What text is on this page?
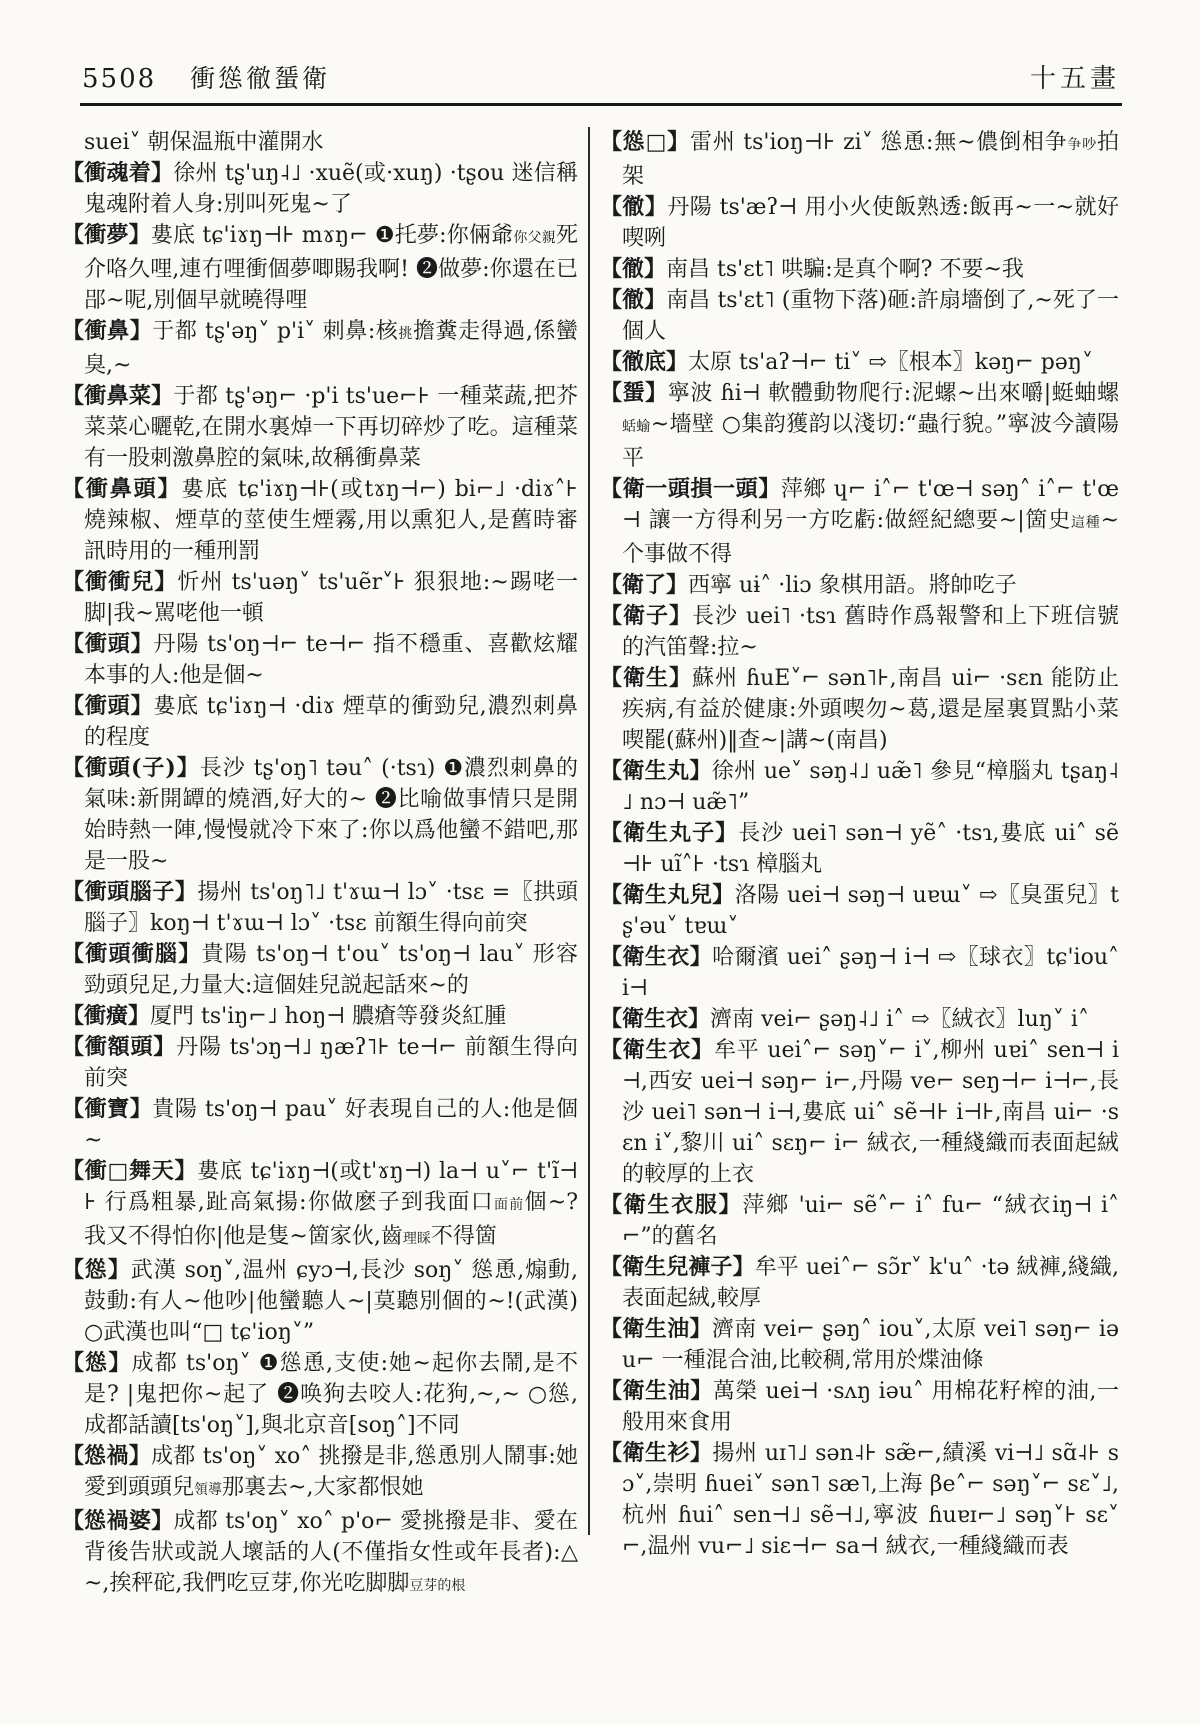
5508 衝慫徹蜑衛	十五畫

suei˅ 朝保温瓶中灌開水

【衝魂着】徐州 tʂ'uŋ˨˩ ·xuẽ(或·xuŋ) ·tʂou 迷信稱鬼魂附着人身:別叫死鬼~了

【衝夢】婁底 tɕ'iɤŋ⊣⊦ mɤŋ⌐ ❶托夢:你倆爺你父親死介咯久哩,連冇哩衝個夢唧賜我啊! ❷做夢:你還在已郘~呢,別個早就曉得哩

【衝鼻】于都 tʂ'əŋ˅ p'i˅ 刺鼻:核挑擔糞走得過,係蠻臭,~

【衝鼻菜】于都 tʂ'əŋ⌐ ·p'i ts'ue⌐⊦ 一種菜蔬,把芥菜菜心曬乾,在開水裏焯一下再切碎炒了吃。這種菜有一股刺激鼻腔的氣味,故稱衝鼻菜

【衝鼻頭】婁底 tɕ'iɤŋ⊣⊦(或tɤŋ⊣⌐) bi⌐˩ ·diɤ˄⊦ 燒辣椒、煙草的莖使生煙霧,用以熏犯人,是舊時審訊時用的一種刑罰

【衝衝兒】忻州 ts'uəŋ˅ ts'uẽr˅⊦ 狠狠地:~踢咾一脚|我~駡咾他一頓

【衝頭】丹陽 ts'oŋ⊣⌐ te⊣⌐ 指不穩重、喜歡炫耀本事的人:他是個~

【衝頭】婁底 tɕ'iɤŋ⊣ ·diɤ 煙草的衝勁兒,濃烈刺鼻的程度

【衝頭(子)】長沙 tʂ'oŋ˥ təu˄ (·tsɿ) ❶濃烈刺鼻的氣味:新開罈的燒酒,好大的~ ❷比喻做事情只是開始時熱一陣,慢慢就冷下來了:你以爲他蠻不錯吧,那是一股~

【衝頭腦子】揚州 ts'oŋ˥˩ t'ɤɯ⊣ lɔ˅ ·tsɛ =〖拱頭腦子〗koŋ⊣ t'ɤɯ⊣ lɔ˅ ·tsɛ 前額生得向前突

【衝頭衝腦】貴陽 ts'oŋ⊣ t'ou˅ ts'oŋ⊣ lau˅ 形容勁頭兒足,力量大:這個娃兒説起話來~的

【衝癀】厦門 ts'iŋ⌐˩ hoŋ⊣ 膿瘡等發炎紅腫

【衝額頭】丹陽 ts'ɔŋ⊣˩ ŋæʔ˥⊦ te⊣⌐ 前額生得向前突

【衝寶】貴陽 ts'oŋ⊣ pau˅ 好表現自己的人:他是個~

【衝□舞天】婁底 tɕ'iɤŋ⊣(或t'ɤŋ⊣) la⊣ u˅⌐ t'ĩ⊣⊦ 行爲粗暴,趾高氣揚:你做麽子到我面口面前個~? 我又不得怕你|他是隻~箇家伙,齒理睬不得箇

【慫】武漢 soŋ˅,温州 ɕyɔ⊣,長沙 soŋ˅ 慫恿,煽動,鼓動:有人~他吵|他蠻聽人~|莫聽別個的~!(武漢) ○武漢也叫“□ tɕ'ioŋ˅”

【慫】成都 ts'oŋ˅ ❶慫恿,支使:她~起你去鬧,是不是? |鬼把你~起了 ❷唤狗去咬人:花狗,~,~ ○慫,成都話讀[ts'oŋ˅],與北京音[soŋ˄]不同

【慫禍】成都 ts'oŋ˅ xo˄ 挑撥是非,慫恿別人鬧事:她愛到頭頭兒領導那裏去~,大家都恨她

【慫禍婆】成都 ts'oŋ˅ xo˄ p'o⌐ 愛挑撥是非、愛在背後告狀或説人壞話的人(不僅指女性或年長者):△~,挨秤砣,我們吃豆芽,你光吃脚脚豆芽的根

【慫□】雷州 ts'ioŋ⊣⊦ zi˅ 慫恿:無~儂倒相争争吵拍架

【徹】丹陽 ts'æʔ⊣ 用小火使飯熟透:飯再~一~就好喫咧

【徹】南昌 ts'ɛt˥ 哄騙:是真个啊? 不要~我

【徹】南昌 ts'ɛt˥ (重物下落)砸:許扇墻倒了,~死了一個人

【徹底】太原 ts'aʔ⊣⌐ ti˅ ⇨〖根本〗kəŋ⌐ pəŋ˅

【蜑】寧波 ɦi⊣ 軟體動物爬行:泥螺~出來嚼|蜓蚰螺蛞蝓~墻壁 ○集韵獲韵以淺切:“蟲行貌。”寧波今讀陽平

【衛一頭損一頭】萍鄉 ɥ⌐ i˄⌐ t'œ⊣ səŋ˄ i˄⌐ t'œ⊣ 讓一方得利另一方吃虧:做經紀總要~|箇史這種~个事做不得

【衛了】西寧 uɨ˄ ·liɔ 象棋用語。將帥吃子

【衛子】長沙 uei˥ ·tsɿ 舊時作爲報警和上下班信號的汽笛聲:拉~

【衛生】蘇州 ɦuE˅⌐ sən˥⊦,南昌 ui⌐ ·sɛn 能防止疾病,有益於健康:外頭喫勿~葛,還是屋裏買點小菜喫罷(蘇州)‖查~|講~(南昌)

【衛生丸】徐州 ue˅ səŋ˨˩ uæ̃˥ 參見“樟腦丸 tʂaŋ˨˩ nɔ⊣ uæ̃˥”

【衛生丸子】長沙 uei˥ sən⊣ yẽ˄ ·tsɿ,婁底 ui˄ sẽ⊣⊦ uĩ˄⊦ ·tsɿ 樟腦丸

【衛生丸兒】洛陽 uei⊣ səŋ⊣ uɐɯ˅ ⇨〖臭蛋兒〗tʂ'əu˅ tɐɯ˅

【衛生衣】哈爾濱 uei˄ ʂəŋ⊣ i⊣ ⇨〖球衣〗tɕ'iou˄ i⊣

【衛生衣】濟南 vei⌐ ʂəŋ˨˩ i˄ ⇨〖絨衣〗luŋ˅ i˄

【衛生衣】牟平 uei˄⌐ səŋ˅⌐ i˅,柳州 uɐi˄ sen⊣ i⊣,西安 uei⊣ səŋ⌐ i⌐,丹陽 ve⌐ seŋ⊣⌐ i⊣⌐,長沙 uei˥ sən⊣ i⊣,婁底 ui˄ sẽ⊣⊦ i⊣⊦,南昌 ui⌐ ·sɛn i˅,黎川 ui˄ sɛŋ⌐ i⌐ 絨衣,一種綫織而表面起絨的較厚的上衣

【衛生衣服】萍鄉 'ui⌐ sẽ˄⌐ i˄ fu⌐ “絨衣iŋ⊣ i˄⌐”的舊名

【衛生兒褲子】牟平 uei˄⌐ sɔ̃r˅ k'u˄ ·tə 絨褲,綫織,表面起絨,較厚

【衛生油】濟南 vei⌐ ʂəŋ˄ iou˅,太原 vei˥ səŋ⌐ iəu⌐ 一種混合油,比較稠,常用於煠油條

【衛生油】萬榮 uei⊣ ·sʌŋ iəu˄ 用棉花籽榨的油,一般用來食用

【衛生衫】揚州 uɪ˥˩ sən˨⊦ sæ̃⌐,績溪 vi⊣˩ sɑ̃˨⊦ sɔ˅,崇明 ɦuei˅ sən˥ sæ˥,上海 βe˄⌐ səŋ˅⌐ sɛ˅˩,杭州 ɦui˄ sen⊣˩ sẽ⊣˩,寧波 ɦuɐɪ⌐˩ səŋ˅⊦ sɛ˅⌐,温州 vu⌐˩ siɛ⊣⌐ sa⊣ 絨衣,一種綫織而表
